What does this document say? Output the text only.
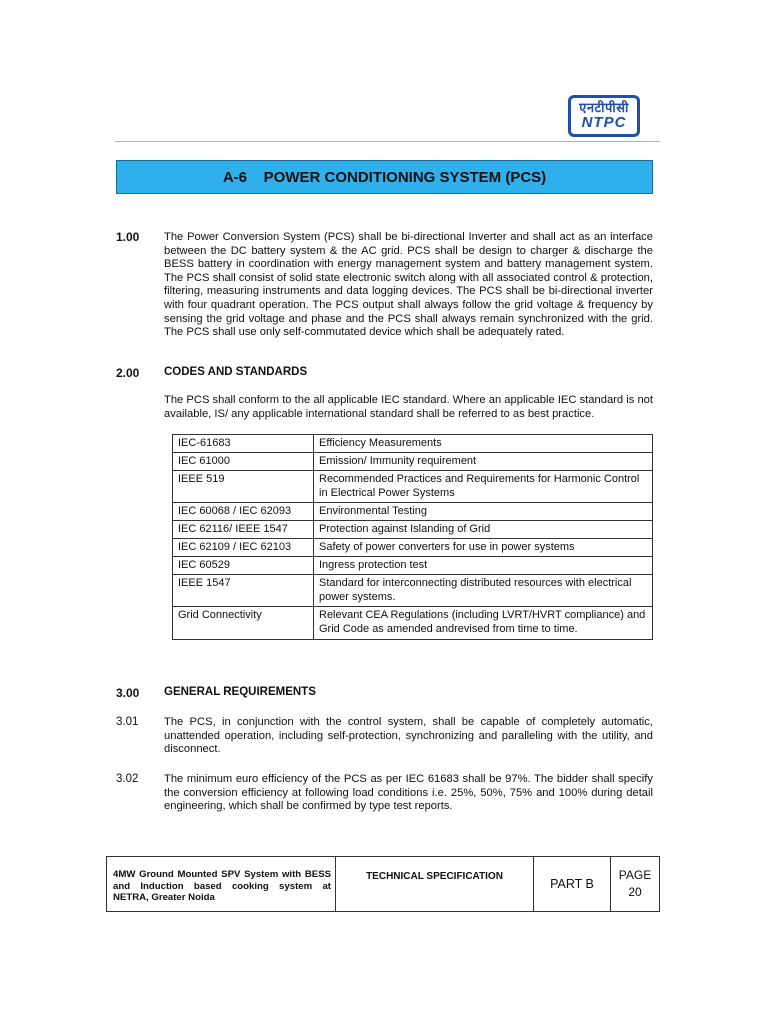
एनटीपीसी
NTPC
A-6
POWER CONDITIONING SYSTEM (PCS)
1.00 The Power Conversion System (PCS) shall be bi-directional Inverter and shall act as an interface between the DC battery system & the AC grid. PCS shall be design to charger & discharge the BESS battery in coordination with energy management system and battery management system. The PCS shall consist of solid state electronic switch along with all associated control & protection, filtering, measuring instruments and data logging devices. The PCS shall be bi-directional inverter with four quadrant operation. The PCS output shall always follow the grid voltage & frequency by sensing the grid voltage and phase and the PCS shall always remain synchronized with the grid. The PCS shall use only self-commutated device which shall be adequately rated.

2.00 CODES AND STANDARDS

The PCS shall conform to the all applicable IEC standard. Where an applicable IEC standard is not available, IS/ any applicable international standard shall be referred to as best practice.

IEC-61683	Efficiency Measurements
IEC 61000	Emission/ Immunity requirement
IEEE 519	Recommended Practices and Requirements for Harmonic Control in Electrical Power Systems
IEC 60068 / IEC 62093	Environmental Testing
IEC 62116/ IEEE 1547	Protection against Islanding of Grid
IEC 62109 / IEC 62103	Safety of power converters for use in power systems
IEC 60529	Ingress protection test
IEEE 1547	Standard for interconnecting distributed resources with electrical power systems.
Grid Connectivity	Relevant CEA Regulations (including LVRT/HVRT compliance) and Grid Code as amended andrevised from time to time.
3.00 GENERAL REQUIREMENTS
3.01 The PCS, in conjunction with the control system, shall be capable of completely automatic, unattended operation, including self-protection, synchronizing and paralleling with the utility, and disconnect.

3.02 The minimum euro efficiency of the PCS as per IEC 61683 shall be 97%. The bidder shall specify the conversion efficiency at following load conditions i.e. 25%, 50%, 75% and 100% during detail engineering, which shall be confirmed by type test reports.

4MW Ground Mounted SPV System with BESS and Induction based cooking system at NETRA, Greater Noida	TECHNICAL SPECIFICATION	PART B	
PAGE
20
